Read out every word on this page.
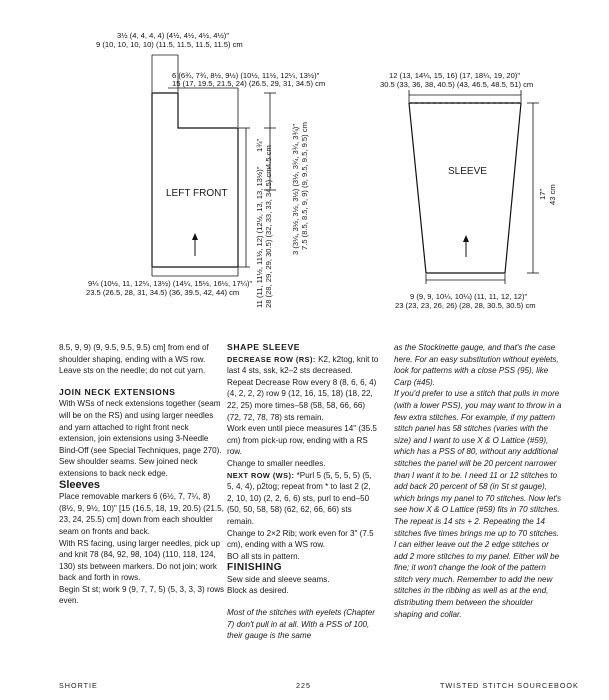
3½ (4, 4, 4, 4) (4½, 4½, 4½, 4½)"
9 (10, 10, 10, 10) (11.5, 11.5, 11.5, 11.5) cm
6 (6¾, 7¾, 8½, 9½) (10½, 11½, 12¼, 13½)"
15 (17, 19.5, 21.5, 24) (26.5, 29, 31, 34.5) cm
LEFT FRONT
9¼ (10½, 11, 12¼, 13½) (14¼, 15½, 16½, 17¼)"
23.5 (26.5, 28, 31, 34.5) (36, 39.5, 42, 44) cm
1¾" 4.5 cm 3 (3¼, 3½, 3½, 3½) (3½, 3¾, 3¾, 3¾)" 7.5 (8.5, 8.5, 9, 9) (9, 9.5, 9.5, 9.5) cm
11 (11, 11½, 11½, 12) (12½, 13, 13, 13½)" 28 (28, 29, 29, 30.5) (32, 33, 33, 34.5) cm
12 (13, 14¼, 15, 16) (17, 18¼, 19, 20)"
30.5 (33, 36, 38, 40.5) (43, 46.5, 48.5, 51) cm
SLEEVE
17" 43 cm
9 (9, 9, 10¼, 10¼) (11, 11, 12, 12)"
23 (23, 23, 26, 26) (28, 28, 30.5, 30.5) cm

8.5, 9, 9) (9, 9.5, 9.5, 9.5) cm] from end of shoulder shaping, ending with a WS row. Leave sts on the needle; do not cut yarn.

JOIN NECK EXTENSIONS

With WSs of neck extensions together (seam will be on the RS) and using larger needles and yarn attached to right front neck extension, join extensions using 3-Needle Bind-Off (see Special Techniques, page 270). Sew shoulder seams. Sew joined neck extensions to back neck edge.

Sleeves

Place removable markers 6 (6½, 7, 7¼, 8) (8½, 9, 9½, 10)" [15 (16.5, 18, 19, 20.5) (21.5, 23, 24, 25.5) cm] down from each shoulder seam on fronts and back.

With RS facing, using larger needles, pick up and knit 78 (84, 92, 98, 104) (110, 118, 124, 130) sts between markers. Do not join; work back and forth in rows.

Begin St st; work 9 (9, 7, 7, 5) (5, 3, 3, 3) rows even.

SHAPE SLEEVE

DECREASE ROW (RS): K2, k2tog, knit to last 4 sts, ssk, k2–2 sts decreased.

Repeat Decrease Row every 8 (8, 6, 6, 4) (4, 2, 2, 2) row 9 (12, 16, 15, 18) (18, 22, 22, 25) more times–58 (58, 58, 66, 66) (72, 72, 78, 78) sts remain.

Work even until piece measures 14" (35.5 cm) from pick-up row, ending with a RS row.

Change to smaller needles.

NEXT ROW (WS): *Purl 5 (5, 5, 5, 5) (5, 5, 4, 4), p2tog; repeat from * to last 2 (2, 2, 10, 10) (2, 2, 6, 6) sts, purl to end–50 (50, 50, 58, 58) (62, 62, 66, 66) sts remain.

Change to 2×2 Rib; work even for 3" (7.5 cm), ending with a WS row.

BO all sts in pattern.

FINISHING

Sew side and sleeve seams.

Block as desired.

Most of the stitches with eyelets (Chapter 7) don't pull in at all. With a PSS of 100, their gauge is the same

as the Stockinette gauge, and that's the case here. For an easy substitution without eyelets, look for patterns with a close PSS (95), like Carp (#45).

If you'd prefer to use a stitch that pulls in more (with a lower PSS), you may want to throw in a few extra stitches. For example, if my pattern stitch panel has 58 stitches (varies with the size) and I want to use X & O Lattice (#59), which has a PSS of 80, without any additional stitches the panel will be 20 percent narrower than I want it to be. I need 11 or 12 stitches to add back 20 percent of 58 (in St st gauge), which brings my panel to 70 stitches. Now let's see how X & O Lattice (#59) fits in 70 stitches. The repeat is 14 sts + 2. Repeating the 14 stitches five times brings me up to 70 stitches. I can either leave out the 2 edge stitches or add 2 more stitches to my panel. Either will be fine; it won't change the look of the pattern stitch very much. Remember to add the new stitches in the ribbing as well as at the end, distributing them between the shoulder shaping and collar.

SHORTIE	225	TWISTED STITCH SOURCEBOOK
